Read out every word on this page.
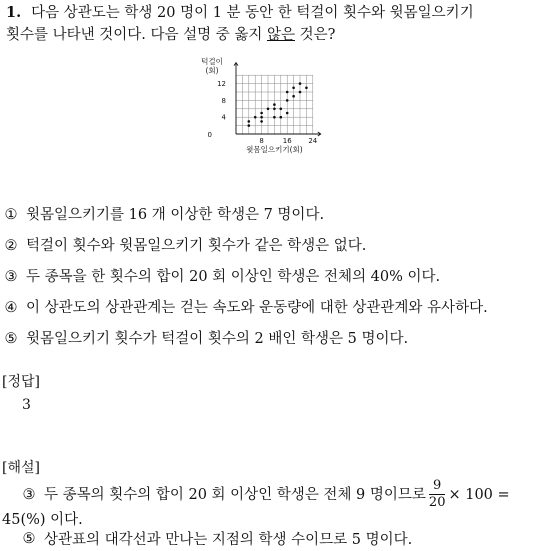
1. 다음 상관도는 학생 20 명이 1 분 동안 한 턱걸이 횟수와 윗몸일으키기
횟수를 나타낸 것이다. 다음 설명 중 옳지 않은 것은?
8	16 24
4
8
12
0
턱걸이
(회)
윗몸일으키기(회)
① 윗몸일으키기를 16 개 이상한 학생은 7 명이다.
② 턱걸이 횟수와 윗몸일으키기 횟수가 같은 학생은 없다.
③ 두 종목을 한 횟수의 합이 20 회 이상인 학생은 전체의 40% 이다.
④ 이 상관도의 상관관계는 걷는 속도와 운동량에 대한 상관관계와 유사하다.
⑤ 윗몸일으키기 횟수가 턱걸이 횟수의 2 배인 학생은 5 명이다.
[정답]
3
[해설]
③ 두 종목의 횟수의 합이 20 회 이상인 학생은 전체 9 명이므로 $\frac{9}{20} \times 100$ =
45(%) 이다.
⑤ 상관표의 대각선과 만나는 지점의 학생 수이므로 5 명이다.
